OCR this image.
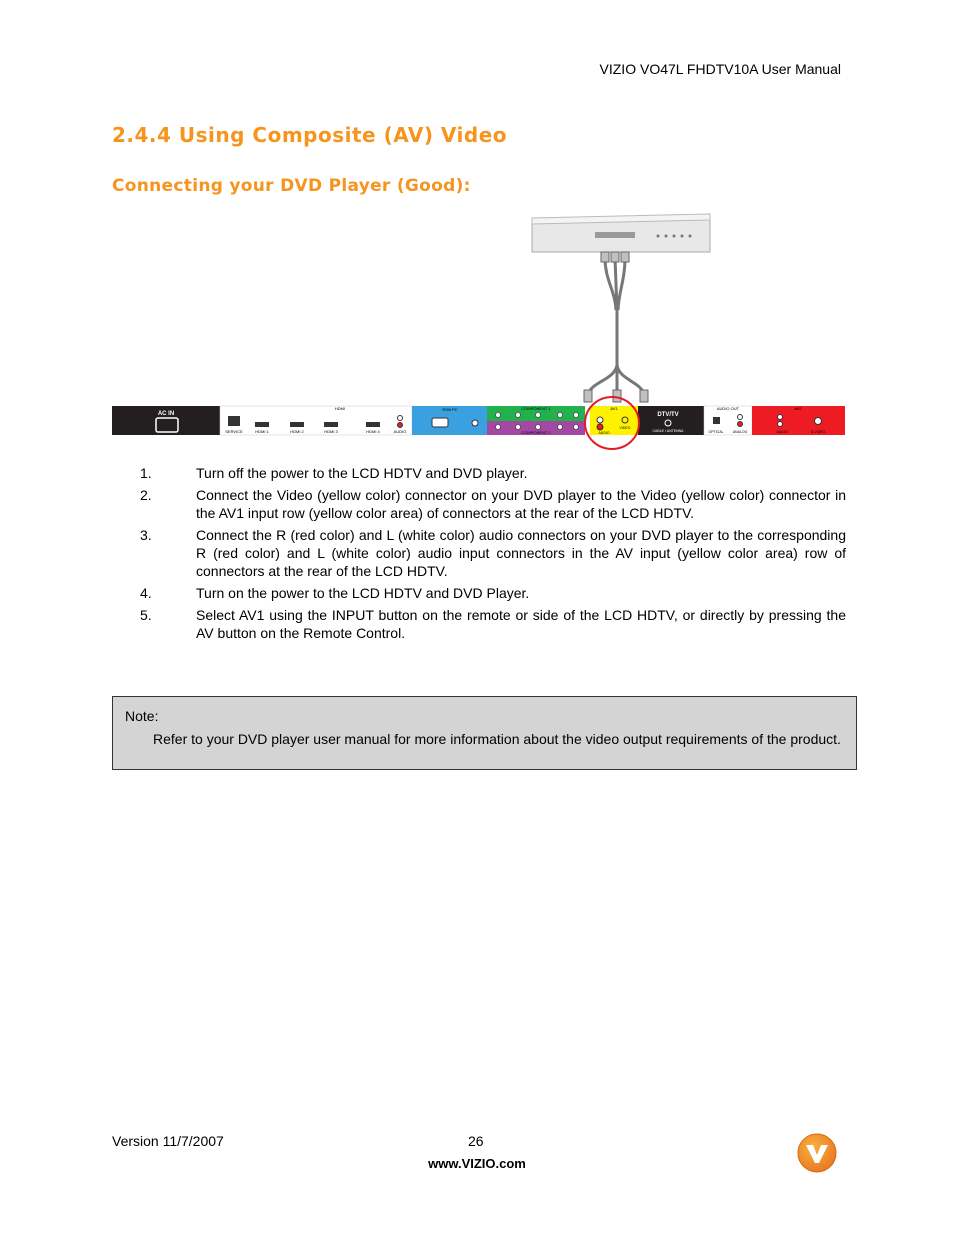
VIZIO VO47L FHDTV10A User Manual
2.4.4 Using Composite (AV) Video
Connecting your DVD Player (Good):
AC IN
SERVICE
HDMI
HDMI 1	HDMI 2	HDMI 3	HDMI 4	AUDIO
RGB PC	COMPONENT 1
COMPONENT 2
AV1
VIDEO
AUDIO
DTV/TV
CABLE / ANTENNA
AUDIO OUT
OPTICAL	ANALOG
AV2
AUDIO	S-VIDEO
1.	Turn off the power to the LCD HDTV and DVD player.
2.	Connect the Video (yellow color) connector on your DVD player to the Video (yellow color) connector in the AV1 input row (yellow color area) of connectors at the rear of the LCD HDTV.
3.	Connect the R (red color) and L (white color) audio connectors on your DVD player to the corresponding R (red color) and L (white color) audio input connectors in the AV input (yellow color area) row of connectors at the rear of the LCD HDTV.
4.	Turn on the power to the LCD HDTV and DVD Player.
5.	Select AV1 using the INPUT button on the remote or side of the LCD HDTV, or directly by pressing the AV button on the Remote Control.
Note:
Refer to your DVD player user manual for more information about the video output requirements of the product.
Version 11/7/2007	26
www.VIZIO.com
